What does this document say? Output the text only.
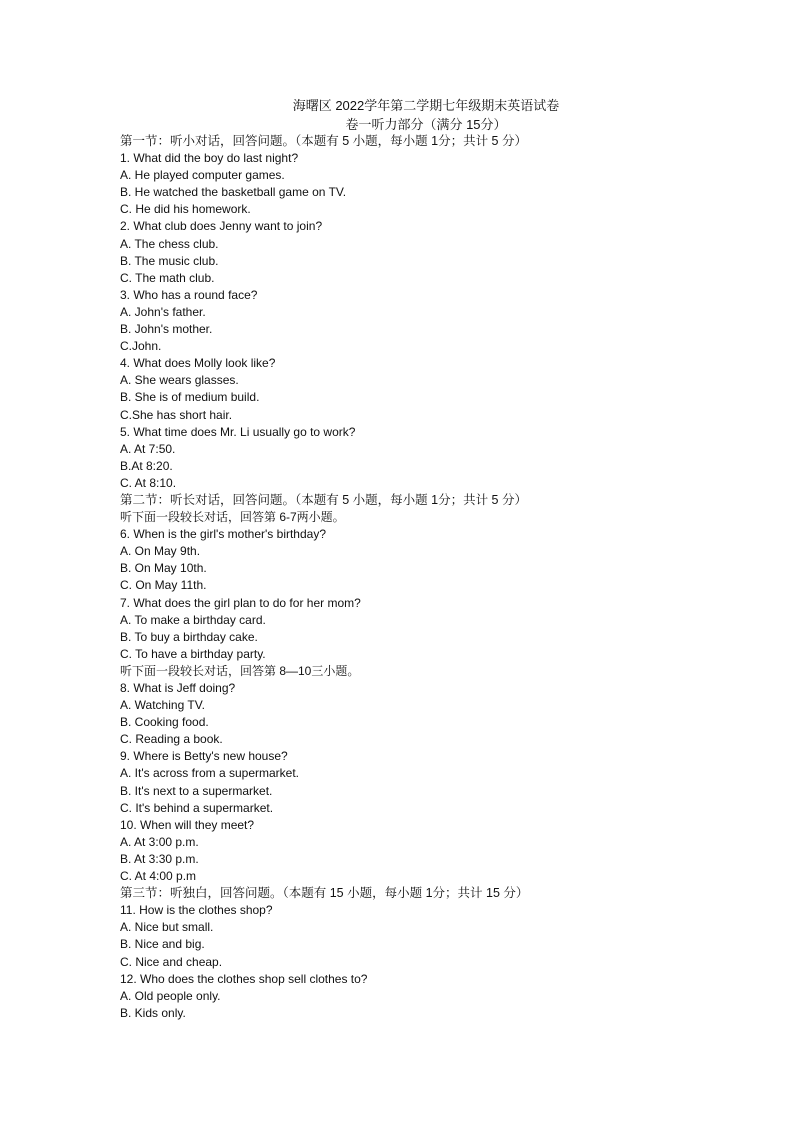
海曙区 2022学年第二学期七年级期末英语试卷
卷一听力部分（满分 15分）
第一节：听小对话，回答问题。（本题有 5 小题，每小题 1分；共计 5 分）
1. What did the boy do last night?
A. He played computer games.
B. He watched the basketball game on TV.
C. He did his homework.
2. What club does Jenny want to join?
A. The chess club.
B. The music club.
C. The math club.
3. Who has a round face?
A. John's father.
B. John's mother.
C.John.
4. What does Molly look like?
A. She wears glasses.
B. She is of medium build.
C.She has short hair.
5. What time does Mr. Li usually go to work?
A. At 7:50.
B.At 8:20.
C. At 8:10.
第二节：听长对话，回答问题。（本题有 5 小题，每小题 1分；共计 5 分）
听下面一段较长对话，回答第 6-7两小题。
6. When is the girl's mother's birthday?
A. On May 9th.
B. On May 10th.
C. On May 11th.
7. What does the girl plan to do for her mom?
A. To make a birthday card.
B. To buy a birthday cake.
C. To have a birthday party.
听下面一段较长对话，回答第 8—10三小题。
8. What is Jeff doing?
A. Watching TV.
B. Cooking food.
C. Reading a book.
9. Where is Betty's new house?
A. It's across from a supermarket.
B. It's next to a supermarket.
C. It's behind a supermarket.
10. When will they meet?
A. At 3:00 p.m.
B. At 3:30 p.m.
C. At 4:00 p.m
第三节：听独白，回答问题。（本题有 15 小题，每小题 1分；共计 15 分）
11. How is the clothes shop?
A. Nice but small.
B. Nice and big.
C. Nice and cheap.
12. Who does the clothes shop sell clothes to?
A. Old people only.
B. Kids only.
